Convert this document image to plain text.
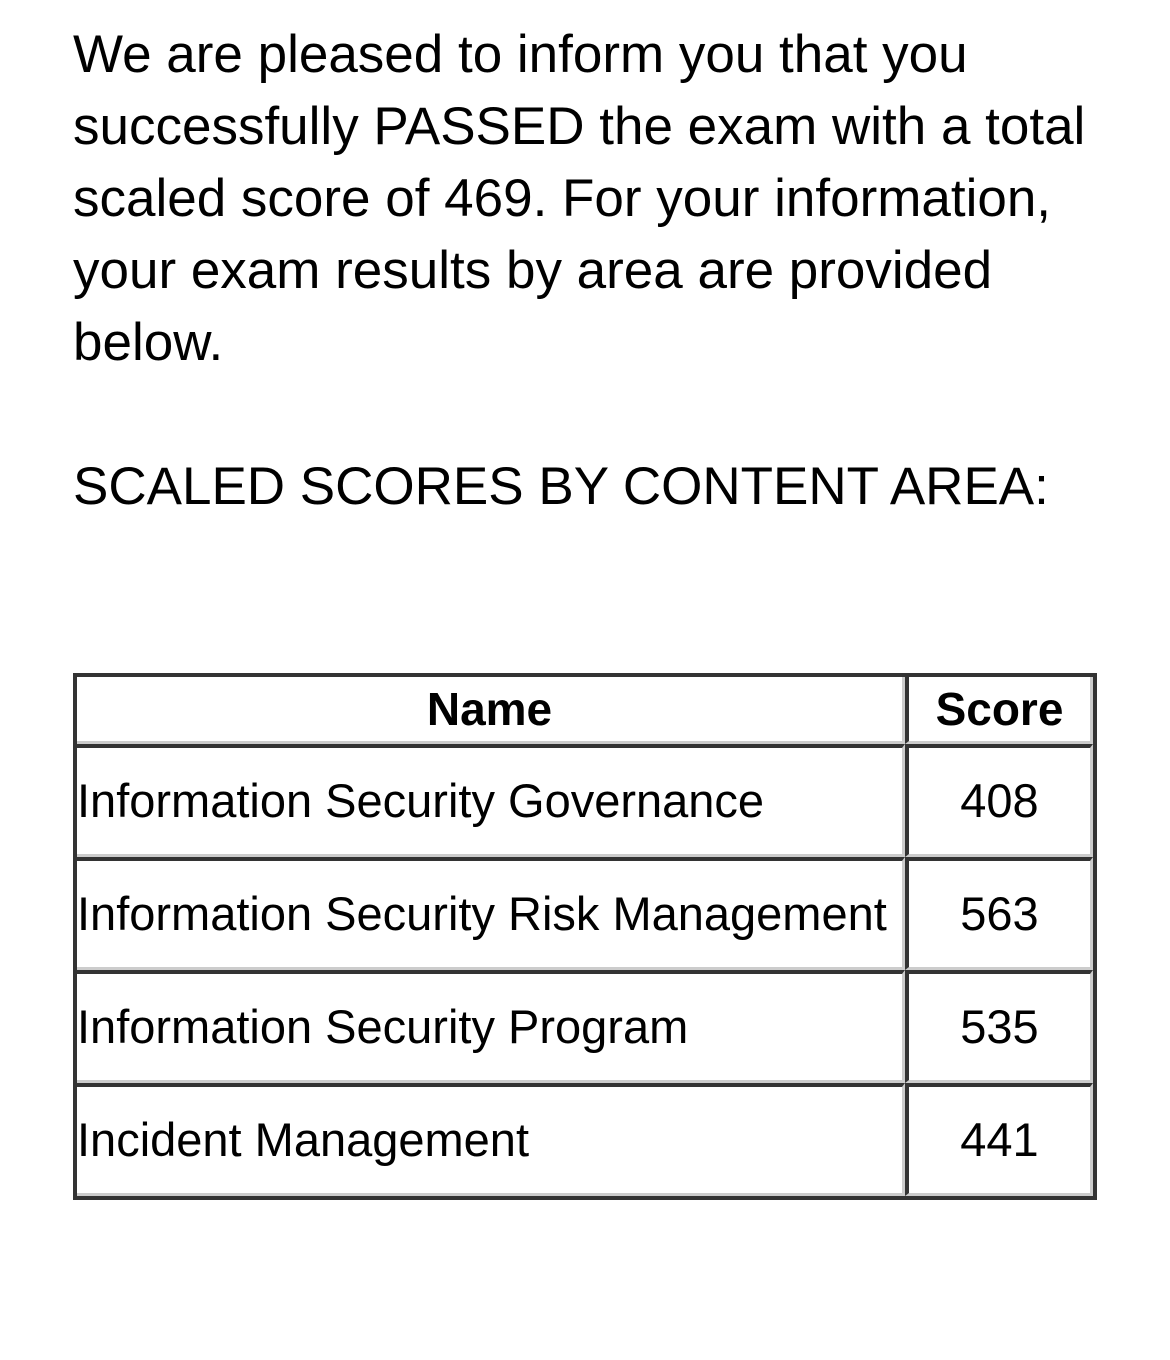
We are pleased to inform you that you successfully PASSED the exam with a total scaled score of 469. For your information, your exam results by area are provided below.

SCALED SCORES BY CONTENT AREA:

Name	Score
Information Security Governance	408
Information Security Risk Management	563
Information Security Program	535
Incident Management	441
